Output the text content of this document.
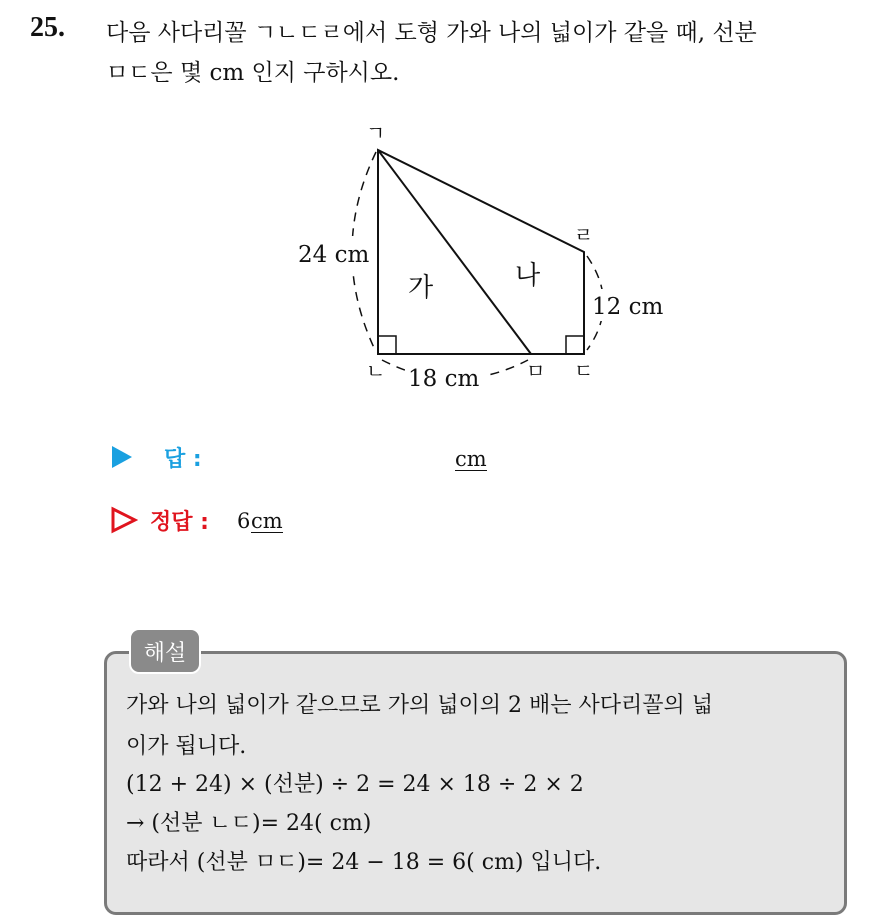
25. 다음 사다리꼴 ㄱㄴㄷㄹ에서 도형 가와 나의 넓이가 같을 때, 선분
ㅁㄷ은 몇 cm 인지 구하시오.
ㄱ
ㄴ	ㅁ ㄷ
ㄹ
가	나
24 cm
18 cm
12 cm
답 :	cm
정답 : 6 cm
해설
가와 나의 넓이가 같으므로 가의 넓이의 2 배는 사다리꼴의 넓
이가 됩니다.
(12 + 24) × (선분) ÷ 2 = 24 × 18 ÷ 2 × 2
→ (선분 ㄴㄷ)= 24( cm)
따라서 (선분 ㅁㄷ)= 24 − 18 = 6( cm) 입니다.
